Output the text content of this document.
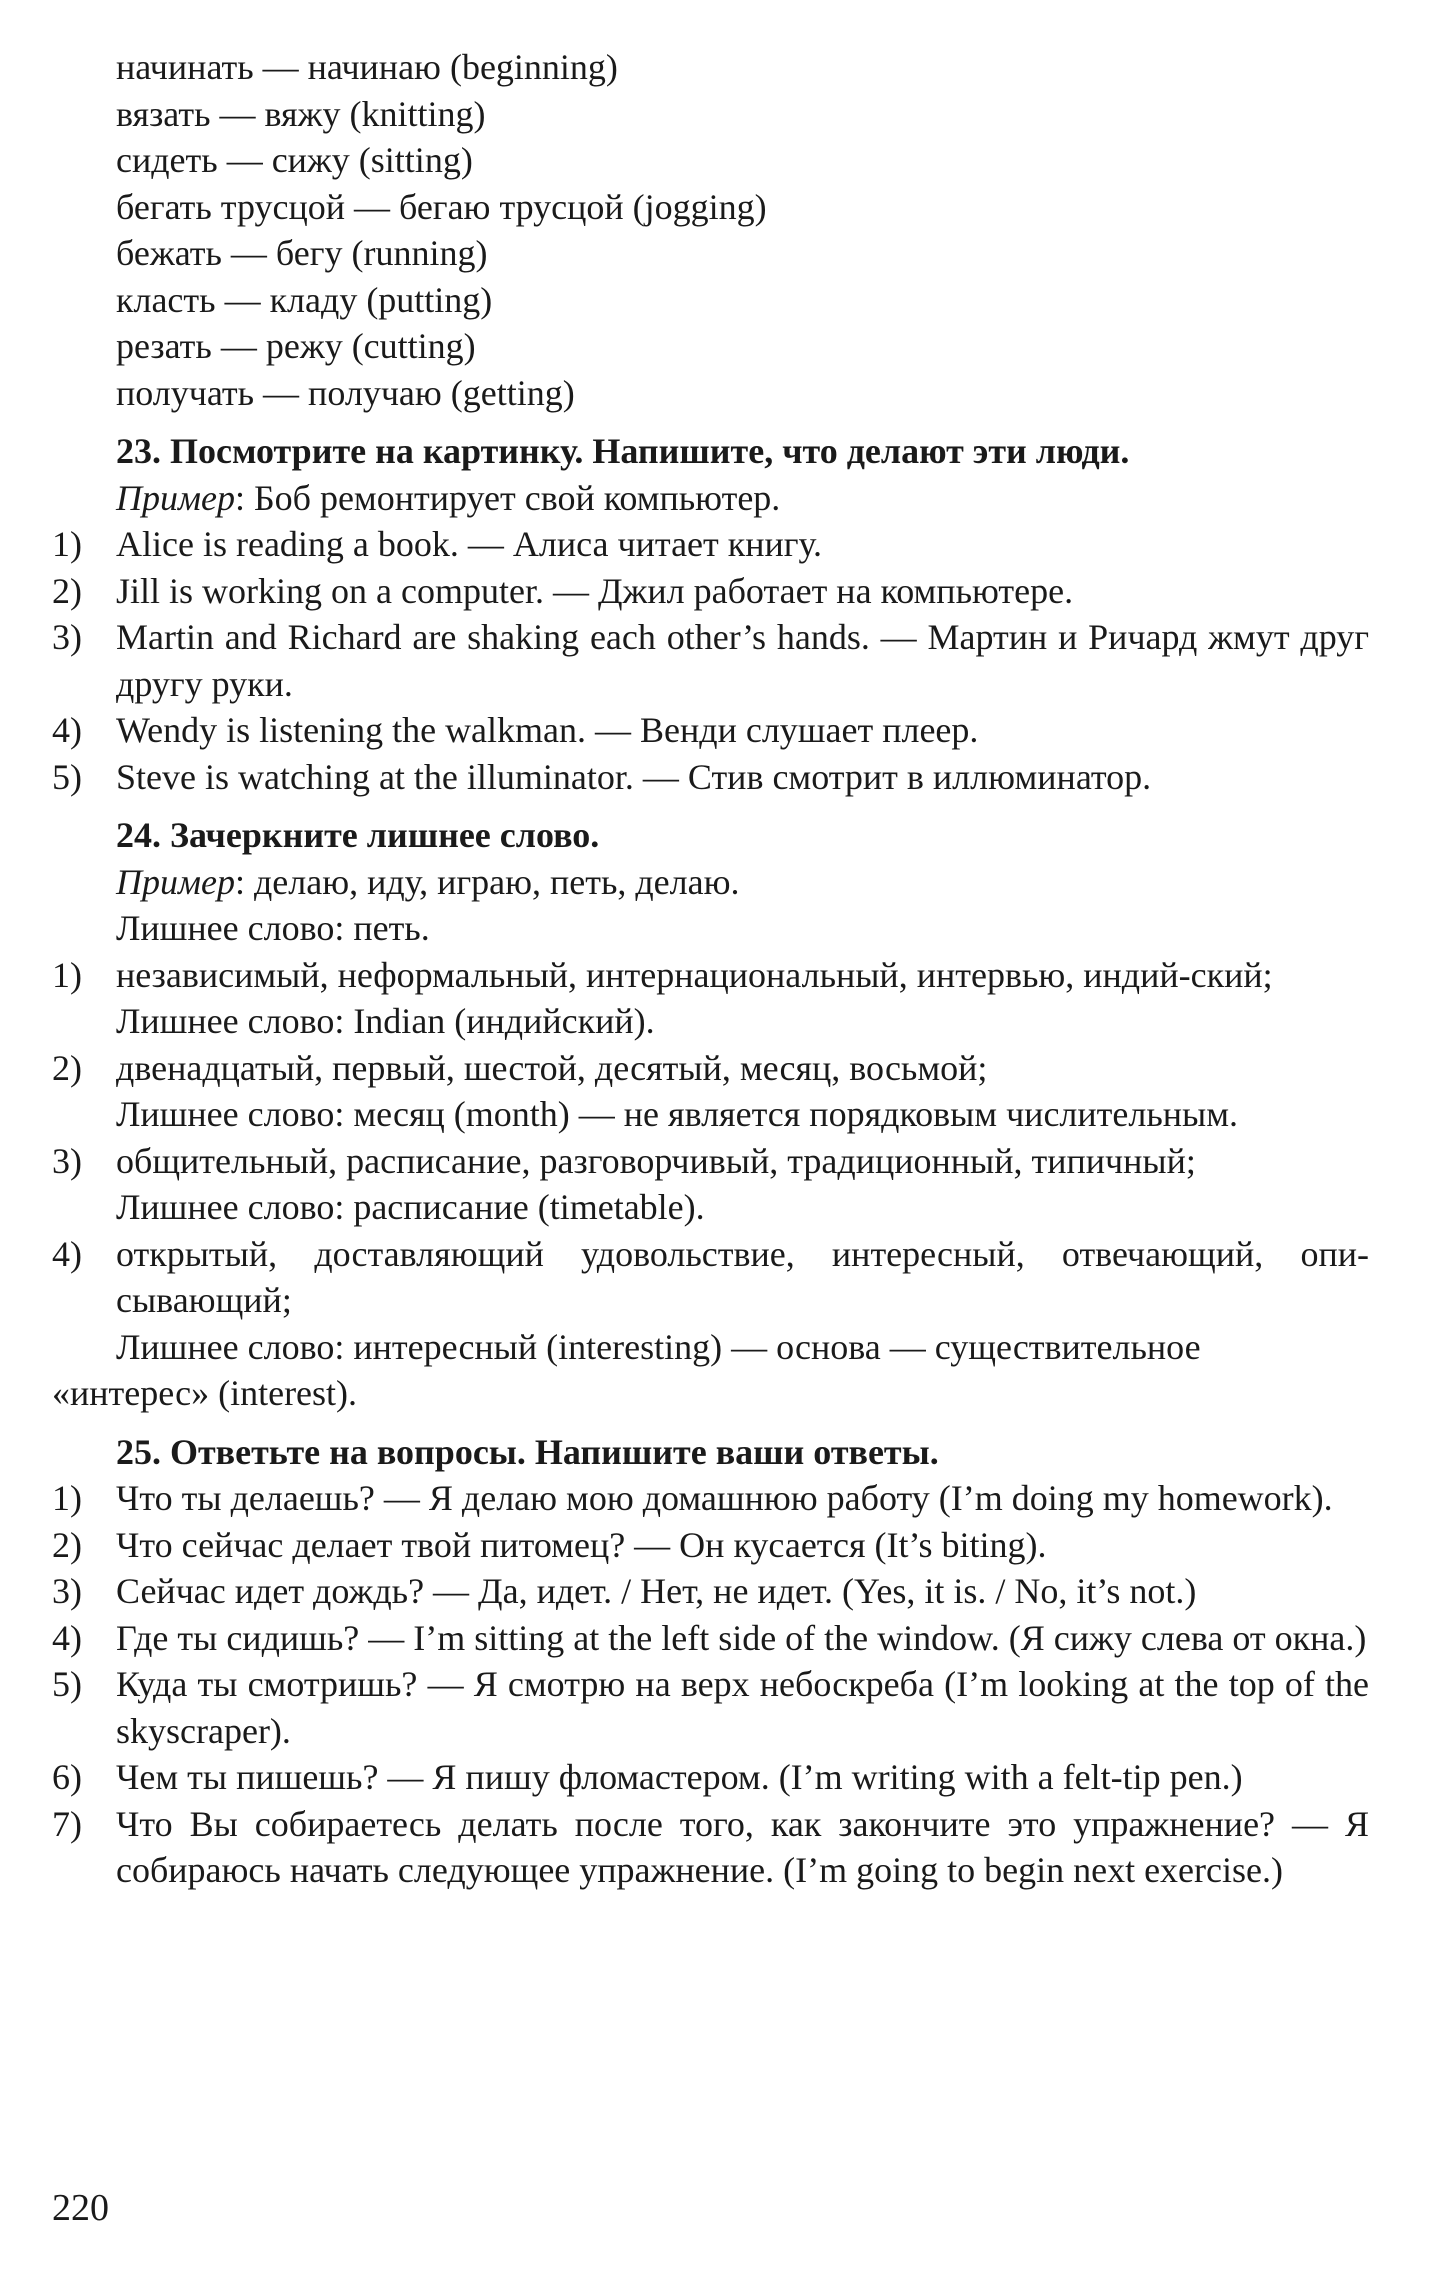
начинать — начинаю (beginning)
вязать — вяжу (knitting)
сидеть — сижу (sitting)
бегать трусцой — бегаю трусцой (jogging)
бежать — бегу (running)
класть — кладу (putting)
резать — режу (cutting)
получать — получаю (getting)
23. Посмотрите на картинку. Напишите, что делают эти люди.
Пример: Боб ремонтирует свой компьютер.
1) Alice is reading a book. — Алиса читает книгу.
2) Jill is working on a computer. — Джил работает на компьютере.
3) Martin and Richard are shaking each other’s hands. — Мартин и Ричард жмут друг другу руки.
4) Wendy is listening the walkman. — Венди слушает плеер.
5) Steve is watching at the illuminator. — Стив смотрит в иллюминатор.
24. Зачеркните лишнее слово.
Пример: делаю, иду, играю, петь, делаю.
Лишнее слово: петь.
1) независимый, неформальный, интернациональный, интервью, индий-ский;
Лишнее слово: Indian (индийский).
2) двенадцатый, первый, шестой, десятый, месяц, восьмой;
Лишнее слово: месяц (month) — не является порядковым числительным.
3) общительный, расписание, разговорчивый, традиционный, типичный;
Лишнее слово: расписание (timetable).
4) открытый, доставляющий удовольствие, интересный, отвечающий, опи-сывающий;
Лишнее слово: интересный (interesting) — основа — существительное
«интерес» (interest).
25. Ответьте на вопросы. Напишите ваши ответы.
1) Что ты делаешь? — Я делаю мою домашнюю работу (I’m doing my homework).
2) Что сейчас делает твой питомец? — Он кусается (It’s biting).
3) Сейчас идет дождь? — Да, идет. / Нет, не идет. (Yes, it is. / No, it’s not.)
4) Где ты сидишь? — I’m sitting at the left side of the window. (Я сижу слева от окна.)
5) Куда ты смотришь? — Я смотрю на верх небоскреба (I’m looking at the top of the skyscraper).
6) Чем ты пишешь? — Я пишу фломастером. (I’m writing with a felt-tip pen.)
7) Что Вы собираетесь делать после того, как закончите это упражнение? — Я собираюсь начать следующее упражнение. (I’m going to begin next exercise.)
220
